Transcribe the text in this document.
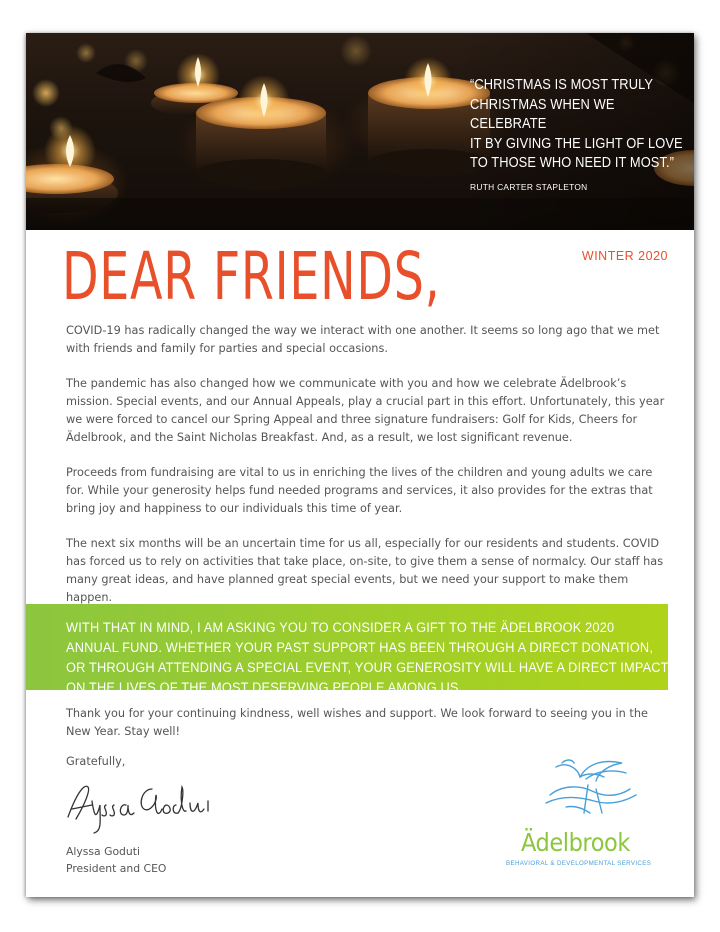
“CHRISTMAS IS MOST TRULY
CHRISTMAS WHEN WE CELEBRATE
IT BY GIVING THE LIGHT OF LOVE
TO THOSE WHO NEED IT MOST.”
RUTH CARTER STAPLETON
DEAR FRIENDS,	WINTER 2020

COVID-19 has radically changed the way we interact with one another. It seems so long ago that we met with friends and family for parties and special occasions.

The pandemic has also changed how we communicate with you and how we celebrate Ädelbrook’s mission. Special events, and our Annual Appeals, play a crucial part in this effort. Unfortunately, this year we were forced to cancel our Spring Appeal and three signature fundraisers: Golf for Kids, Cheers for Ädelbrook, and the Saint Nicholas Breakfast. And, as a result, we lost significant revenue.

Proceeds from fundraising are vital to us in enriching the lives of the children and young adults we care for. While your generosity helps fund needed programs and services, it also provides for the extras that bring joy and happiness to our individuals this time of year.

The next six months will be an uncertain time for us all, especially for our residents and students. COVID has forced us to rely on activities that take place, on-site, to give them a sense of normalcy. Our staff has many great ideas, and have planned great special events, but we need your support to make them happen.

WITH THAT IN MIND, I AM ASKING YOU TO CONSIDER A GIFT TO THE ÄDELBROOK 2020 ANNUAL FUND. WHETHER YOUR PAST SUPPORT HAS BEEN THROUGH A DIRECT DONATION, OR THROUGH ATTENDING A SPECIAL EVENT, YOUR GENEROSITY WILL HAVE A DIRECT IMPACT ON THE LIVES OF THE MOST DESERVING PEOPLE AMONG US.

Thank you for your continuing kindness, well wishes and support. We look forward to seeing you in the New Year. Stay well!

Gratefully,
Alyssa Goduti
President and CEO
Ädelbrook
BEHAVIORAL & DEVELOPMENTAL SERVICES
